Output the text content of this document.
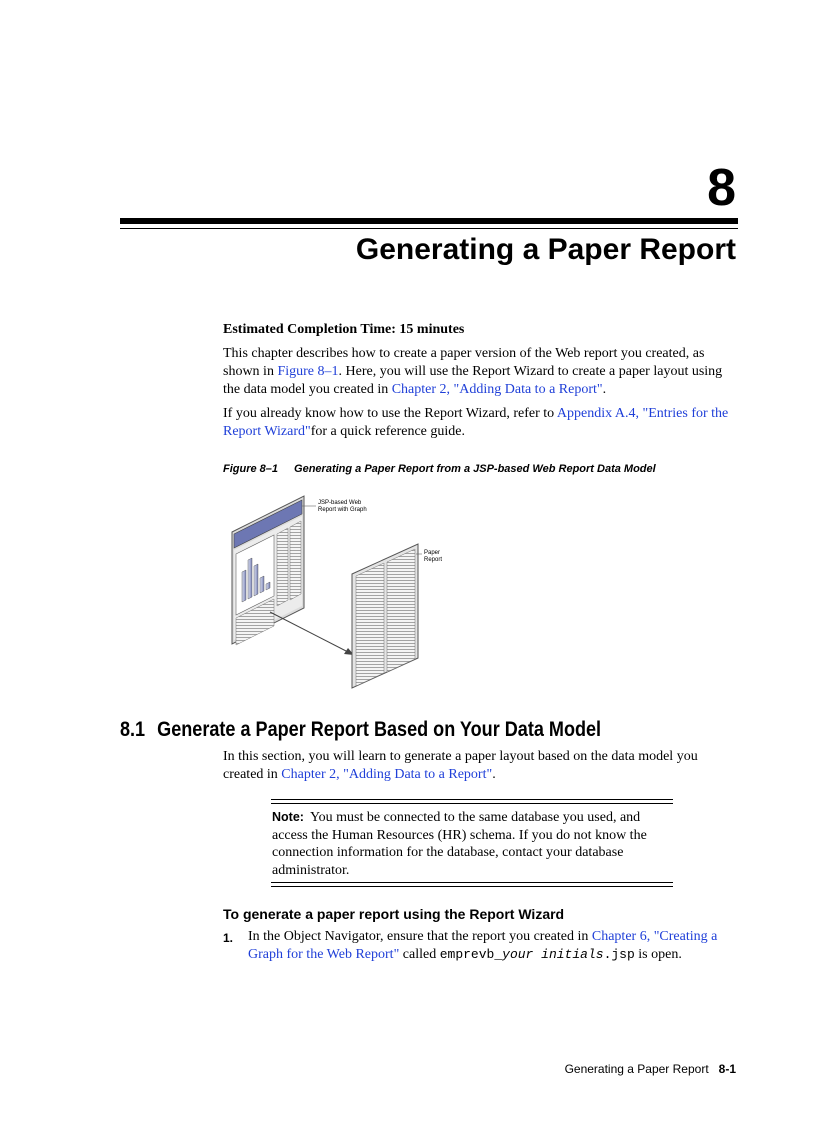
8
Generating a Paper Report
Estimated Completion Time: 15 minutes

This chapter describes how to create a paper version of the Web report you created, as shown in Figure 8–1. Here, you will use the Report Wizard to create a paper layout using the data model you created in Chapter 2, "Adding Data to a Report".

If you already know how to use the Report Wizard, refer to Appendix A.4, "Entries for the Report Wizard"for a quick reference guide.

Figure 8–1 Generating a Paper Report from a JSP-based Web Report Data Model
JSP-based Web
Report with Graph
Paper
Report
8.1 Generate a Paper Report Based on Your Data Model

In this section, you will learn to generate a paper layout based on the data model you created in Chapter 2, "Adding Data to a Report".

Note: You must be connected to the same database you used, and access the Human Resources (HR) schema. If you do not know the connection information for the database, contact your database administrator.
To generate a paper report using the Report Wizard
1. In the Object Navigator, ensure that the report you created in Chapter 6, "Creating a Graph for the Web Report" called emprevb_your initials.jsp is open.

Generating a Paper Report 8-1
